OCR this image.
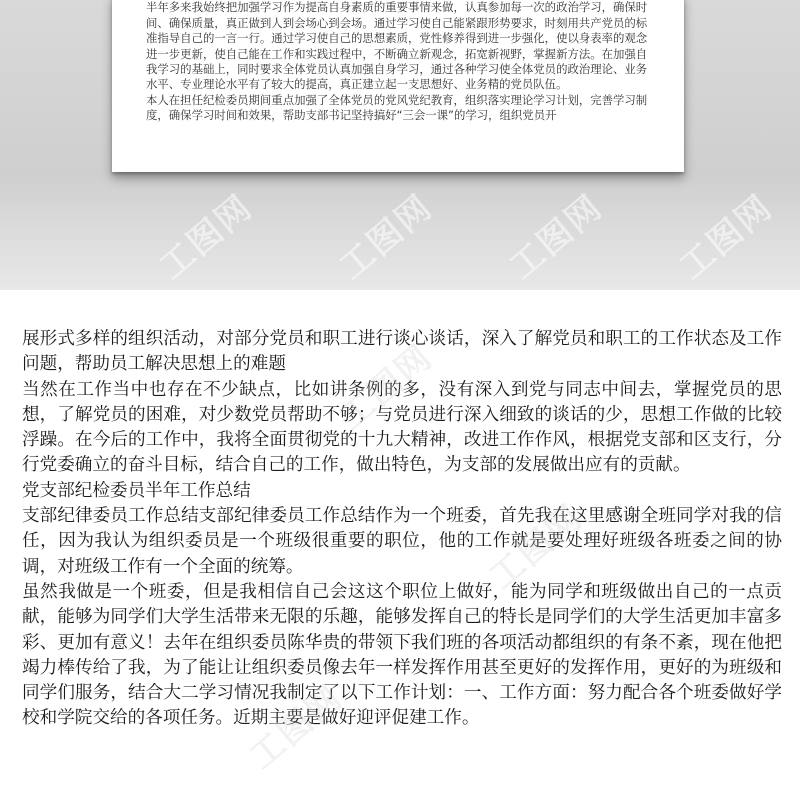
半年多来我始终把加强学习作为提高自身素质的重要事情来做，认真参加每一次的政治学习，确保时间、确保质量，真正做到人到会场心到会场。通过学习使自己能紧跟形势要求，时刻用共产党员的标准指导自己的一言一行。通过学习使自己的思想素质，党性修养得到进一步强化，使以身表率的观念进一步更新，使自己能在工作和实践过程中，不断确立新观念，拓宽新视野，掌握新方法。在加强自我学习的基础上，同时要求全体党员认真加强自身学习，通过各种学习使全体党员的政治理论、业务水平、专业理论水平有了较大的提高，真正建立起一支思想好、业务精的党员队伍。

本人在担任纪检委员期间重点加强了全体党员的党风党纪教育，组织落实理论学习计划，完善学习制度，确保学习时间和效果，帮助支部书记坚持搞好“三会一课”的学习，组织党员开

工图网 工图网 工图网 工图网

展形式多样的组织活动，对部分党员和职工进行谈心谈话，深入了解党员和职工的工作状态及工作问题，帮助员工解决思想上的难题

当然在工作当中也存在不少缺点，比如讲条例的多，没有深入到党与同志中间去，掌握党员的思想，了解党员的困难，对少数党员帮助不够；与党员进行深入细致的谈话的少，思想工作做的比较浮躁。在今后的工作中，我将全面贯彻党的十九大精神，改进工作作风，根据党支部和区支行，分行党委确立的奋斗目标，结合自己的工作，做出特色，为支部的发展做出应有的贡献。

党支部纪检委员半年工作总结

支部纪律委员工作总结支部纪律委员工作总结作为一个班委，首先我在这里感谢全班同学对我的信任，因为我认为组织委员是一个班级很重要的职位，他的工作就是要处理好班级各班委之间的协调，对班级工作有一个全面的统筹。

虽然我做是一个班委，但是我相信自己会这这个职位上做好，能为同学和班级做出自己的一点贡献，能够为同学们大学生活带来无限的乐趣，能够发挥自己的特长是同学们的大学生活更加丰富多彩、更加有意义！去年在组织委员陈华贵的带领下我们班的各项活动都组织的有条不紊，现在他把竭力棒传给了我，为了能让让组织委员像去年一样发挥作用甚至更好的发挥作用，更好的为班级和同学们服务，结合大二学习情况我制定了以下工作计划：一、工作方面：努力配合各个班委做好学校和学院交给的各项任务。近期主要是做好迎评促建工作。

工图网
工图网
工图网
